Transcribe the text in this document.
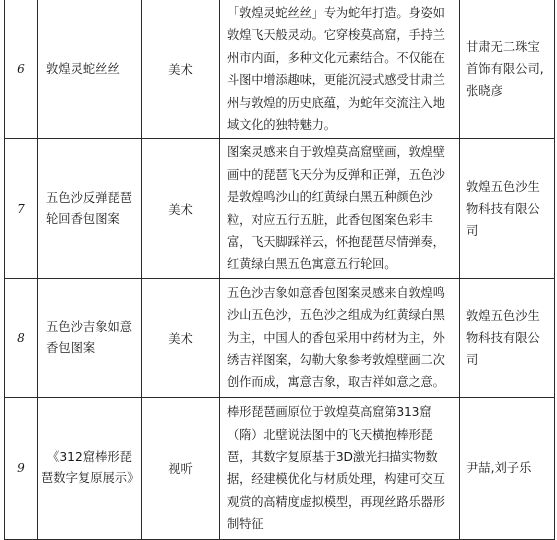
6	敦煌灵蛇丝丝	美术	「敦煌灵蛇丝丝」专为蛇年打造。身姿如敦煌飞天般灵动。它穿梭莫高窟，手持兰州市内面，多种文化元素结合。不仅能在斗图中增添趣味，更能沉浸式感受甘肃兰州与敦煌的历史底蕴，为蛇年交流注入地域文化的独特魅力。	甘肃无二珠宝首饰有限公司,张晓彦
7	五色沙反弹琵琶轮回香包图案	美术	图案灵感来自于敦煌莫高窟壁画，敦煌壁画中的琵琶飞天分为反弹和正弹，五色沙是敦煌鸣沙山的红黄绿白黑五种颜色沙粒，对应五行五脏，此香包图案色彩丰富，飞天脚踩祥云，怀抱琵琶尽情弹奏，红黄绿白黑五色寓意五行轮回。	敦煌五色沙生物科技有限公司
8	五色沙吉象如意香包图案	美术	五色沙吉象如意香包图案灵感来自敦煌鸣沙山五色沙，五色沙之组成为红黄绿白黑为主，中国人的香包采用中药材为主，外绣吉祥图案，勾勒大象参考敦煌壁画二次创作而成，寓意吉象，取吉祥如意之意。	敦煌五色沙生物科技有限公司
9	《312窟棒形琵琶数字复原展示》	视听	棒形琵琶画原位于敦煌莫高窟第313窟（隋）北壁说法图中的飞天横抱棒形琵琶，其数字复原基于3D激光扫描实物数据，经建模优化与材质处理，构建可交互观赏的高精度虚拟模型，再现丝路乐器形制特征	尹喆,刘子乐
